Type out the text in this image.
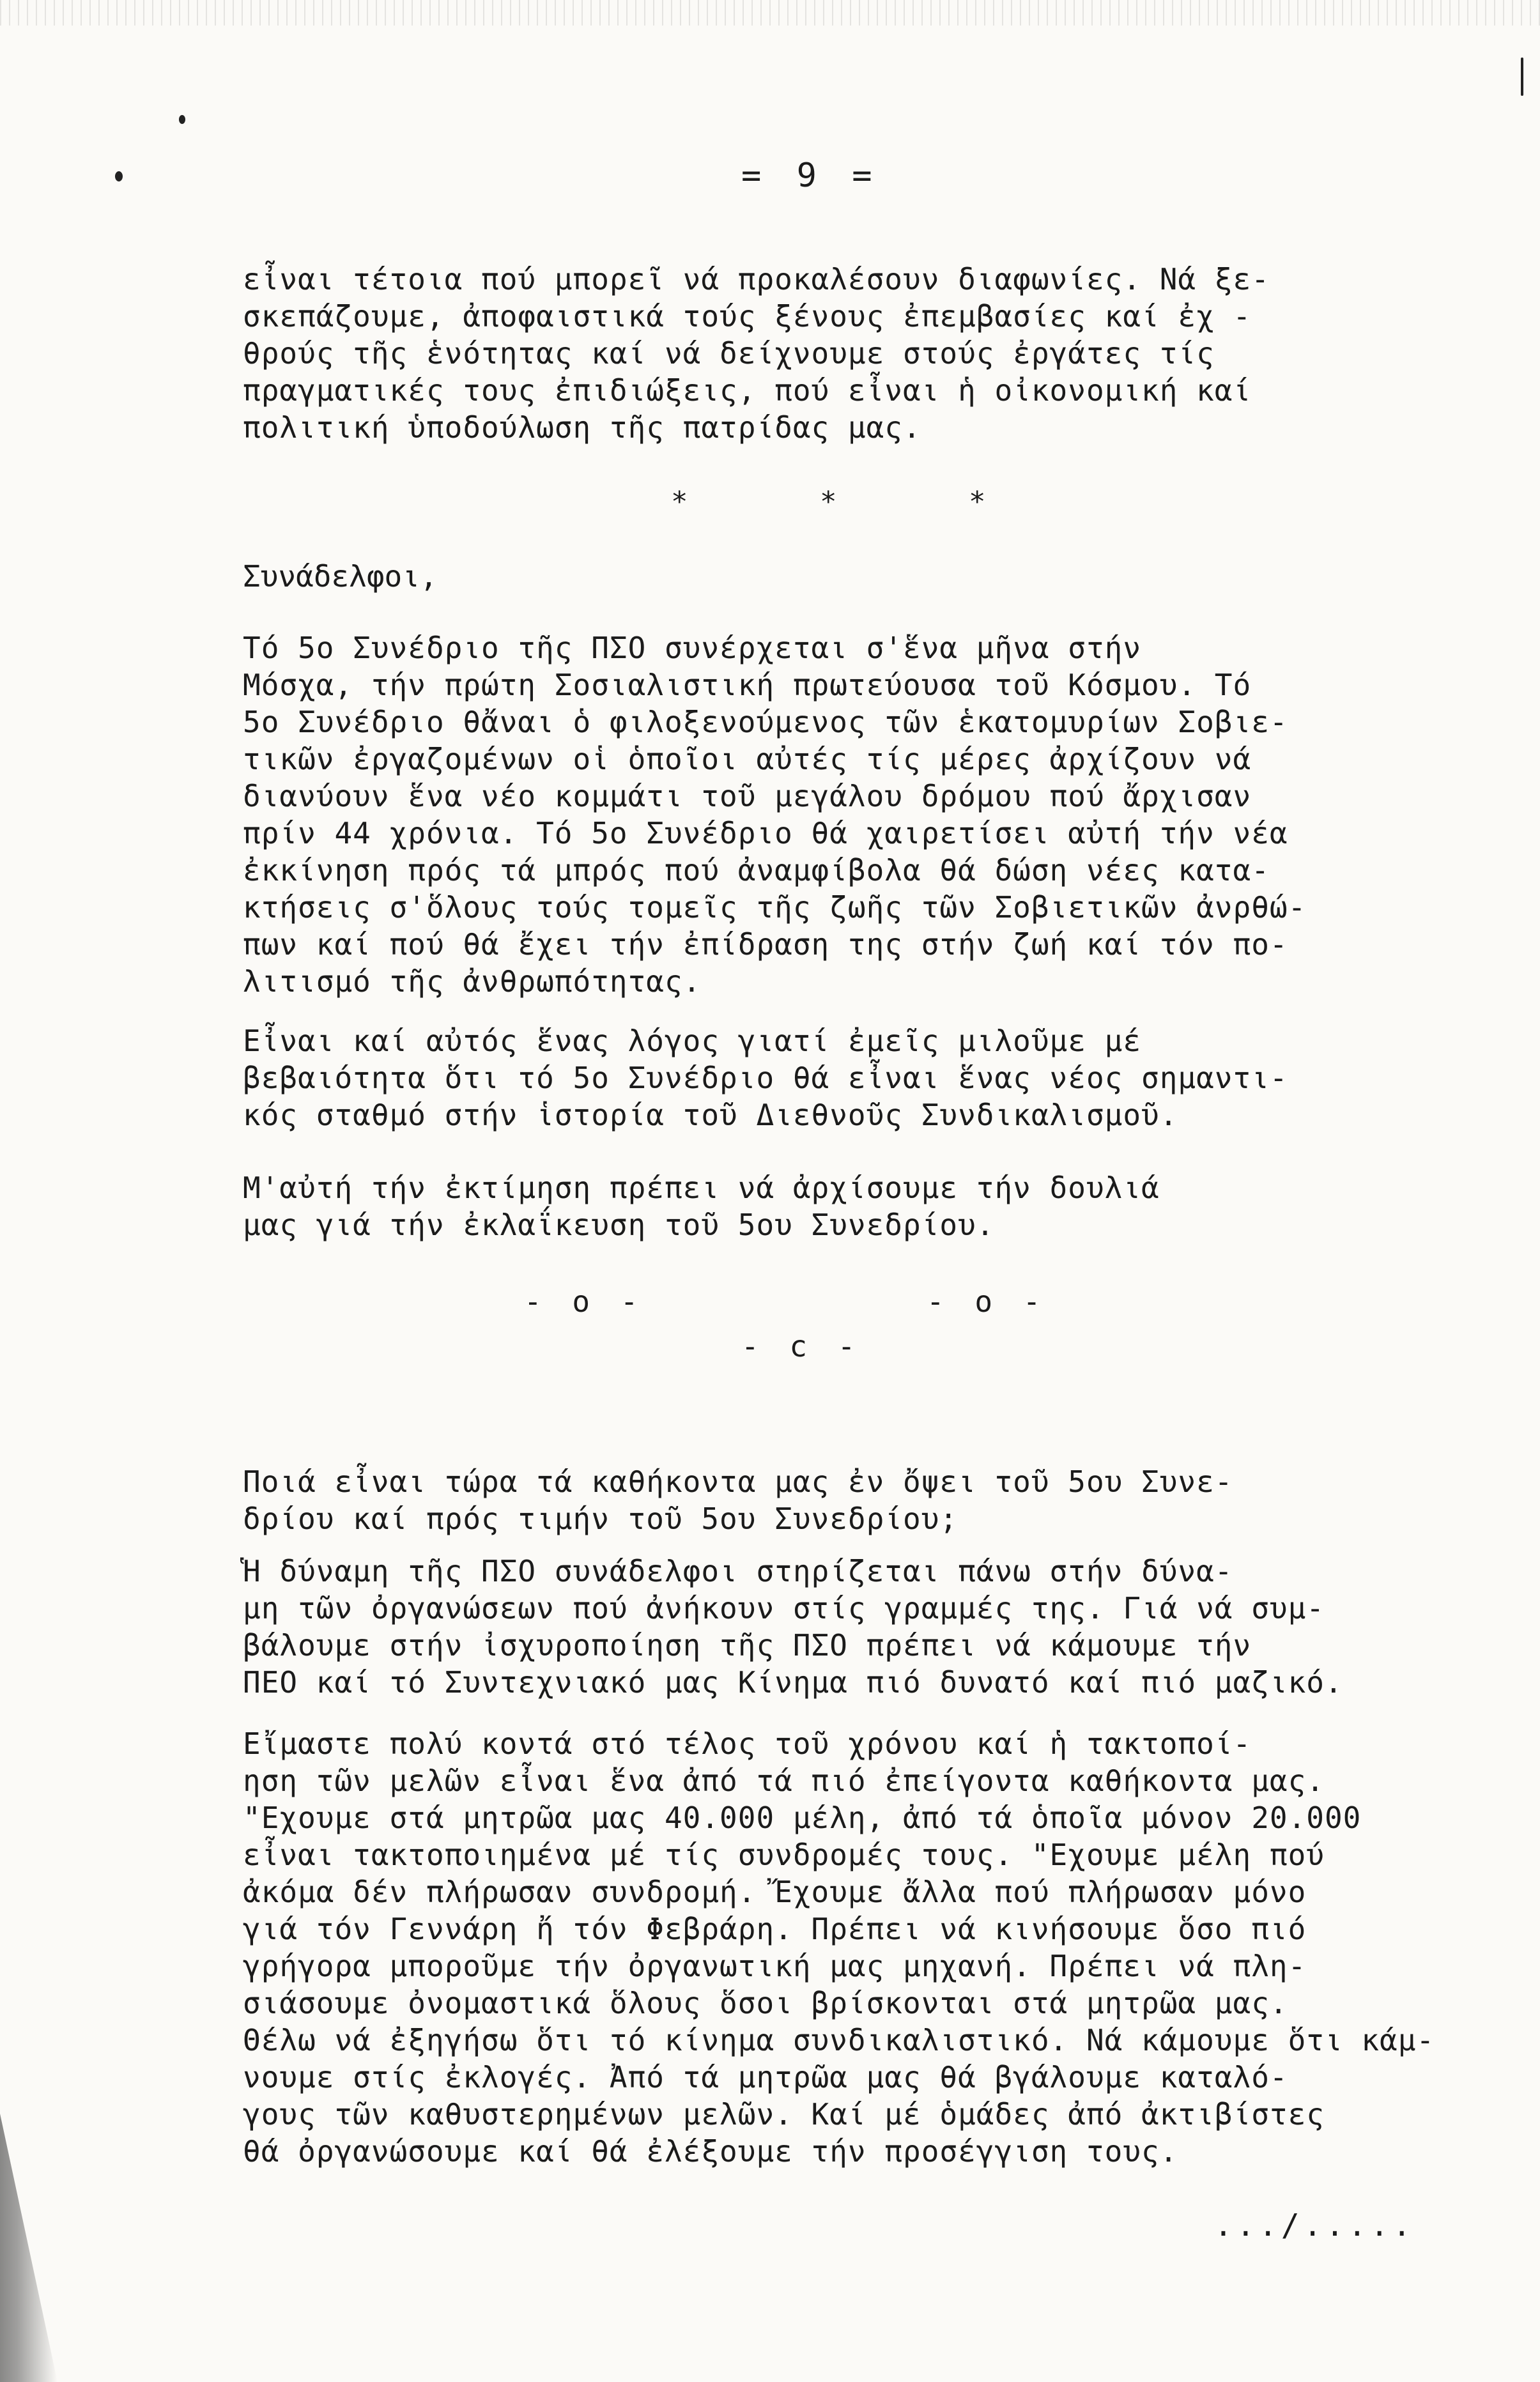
= 9 =
εἶναι τέτοια πού μπορεῖ νά προκαλέσουν διαφωνίες. Νά ξε-
σκεπάζουμε, ἀποφαιστικά τούς ξένους ἐπεμβασίες καί ἐχ -
θρούς τῆς ἑνότητας καί νά δείχνουμε στούς ἐργάτες τίς
πραγματικές τους ἐπιδιώξεις, πού εἶναι ἡ οἰκονομική καί
πολιτική ὑποδούλωση τῆς πατρίδας μας.
* * *
Συνάδελφοι,
Τό 5ο Συνέδριο τῆς ΠΣΟ συνέρχεται σ'ἕνα μῆνα στήν
Μόσχα, τήν πρώτη Σοσιαλιστική πρωτεύουσα τοῦ Κόσμου. Τό
5ο Συνέδριο θἄναι ὁ φιλοξενούμενος τῶν ἑκατομυρίων Σοβιε-
τικῶν ἐργαζομένων οἱ ὁποῖοι αὐτές τίς μέρες ἀρχίζουν νά
διανύουν ἕνα νέο κομμάτι τοῦ μεγάλου δρόμου πού ἄρχισαν
πρίν 44 χρόνια. Τό 5ο Συνέδριο θά χαιρετίσει αὐτή τήν νέα
ἐκκίνηση πρός τά μπρός πού ἀναμφίβολα θά δώση νέες κατα-
κτήσεις σ'ὅλους τούς τομεῖς τῆς ζωῆς τῶν Σοβιετικῶν ἀνρθώ-
πων καί πού θά ἔχει τήν ἐπίδραση της στήν ζωή καί τόν πο-
λιτισμό τῆς ἀνθρωπότητας.
Εἶναι καί αὐτός ἕνας λόγος γιατί ἐμεῖς μιλοῦμε μέ
βεβαιότητα ὅτι τό 5ο Συνέδριο θά εἶναι ἕνας νέος σημαντι-
κός σταθμό στήν ἱστορία τοῦ Διεθνοῦς Συνδικαλισμοῦ.
Μ'αὐτή τήν ἐκτίμηση πρέπει νά ἀρχίσουμε τήν δουλιά
μας γιά τήν ἐκλαΐκευση τοῦ 5ου Συνεδρίου.
- ο -	- ο -
- c -
Ποιά εἶναι τώρα τά καθήκοντα μας ἐν ὄψει τοῦ 5ου Συνε-
δρίου καί πρός τιμήν τοῦ 5ου Συνεδρίου;
Ἡ δύναμη τῆς ΠΣΟ συνάδελφοι στηρίζεται πάνω στήν δύνα-
μη τῶν ὀργανώσεων πού ἀνήκουν στίς γραμμές της. Γιά νά συμ-
βάλουμε στήν ἰσχυροποίηση τῆς ΠΣΟ πρέπει νά κάμουμε τήν
ΠΕΟ καί τό Συντεχνιακό μας Κίνημα πιό δυνατό καί πιό μαζικό.
Εἴμαστε πολύ κοντά στό τέλος τοῦ χρόνου καί ἡ τακτοποί-
ηση τῶν μελῶν εἶναι ἕνα ἀπό τά πιό ἐπείγοντα καθήκοντα μας.
"Εχουμε στά μητρῶα μας 40.000 μέλη, ἀπό τά ὁποῖα μόνον 20.000
εἶναι τακτοποιημένα μέ τίς συνδρομές τους. "Εχουμε μέλη πού
ἀκόμα δέν πλήρωσαν συνδρομή. Ἔχουμε ἄλλα πού πλήρωσαν μόνο
γιά τόν Γεννάρη ἤ τόν Φεβράρη. Πρέπει νά κινήσουμε ὅσο πιό
γρήγορα μποροῦμε τήν ὀργανωτική μας μηχανή. Πρέπει νά πλη-
σιάσουμε ὀνομαστικά ὅλους ὅσοι βρίσκονται στά μητρῶα μας.
Θέλω νά ἐξηγήσω ὅτι τό κίνημα συνδικαλιστικό. Νά κάμουμε ὅτι κάμ-
νουμε στίς ἐκλογές. Ἀπό τά μητρῶα μας θά βγάλουμε καταλό-
γους τῶν καθυστερημένων μελῶν. Καί μέ ὁμάδες ἀπό ἀκτιβίστες
θά ὀργανώσουμε καί θά ἐλέξουμε τήν προσέγγιση τους.
.../.....
